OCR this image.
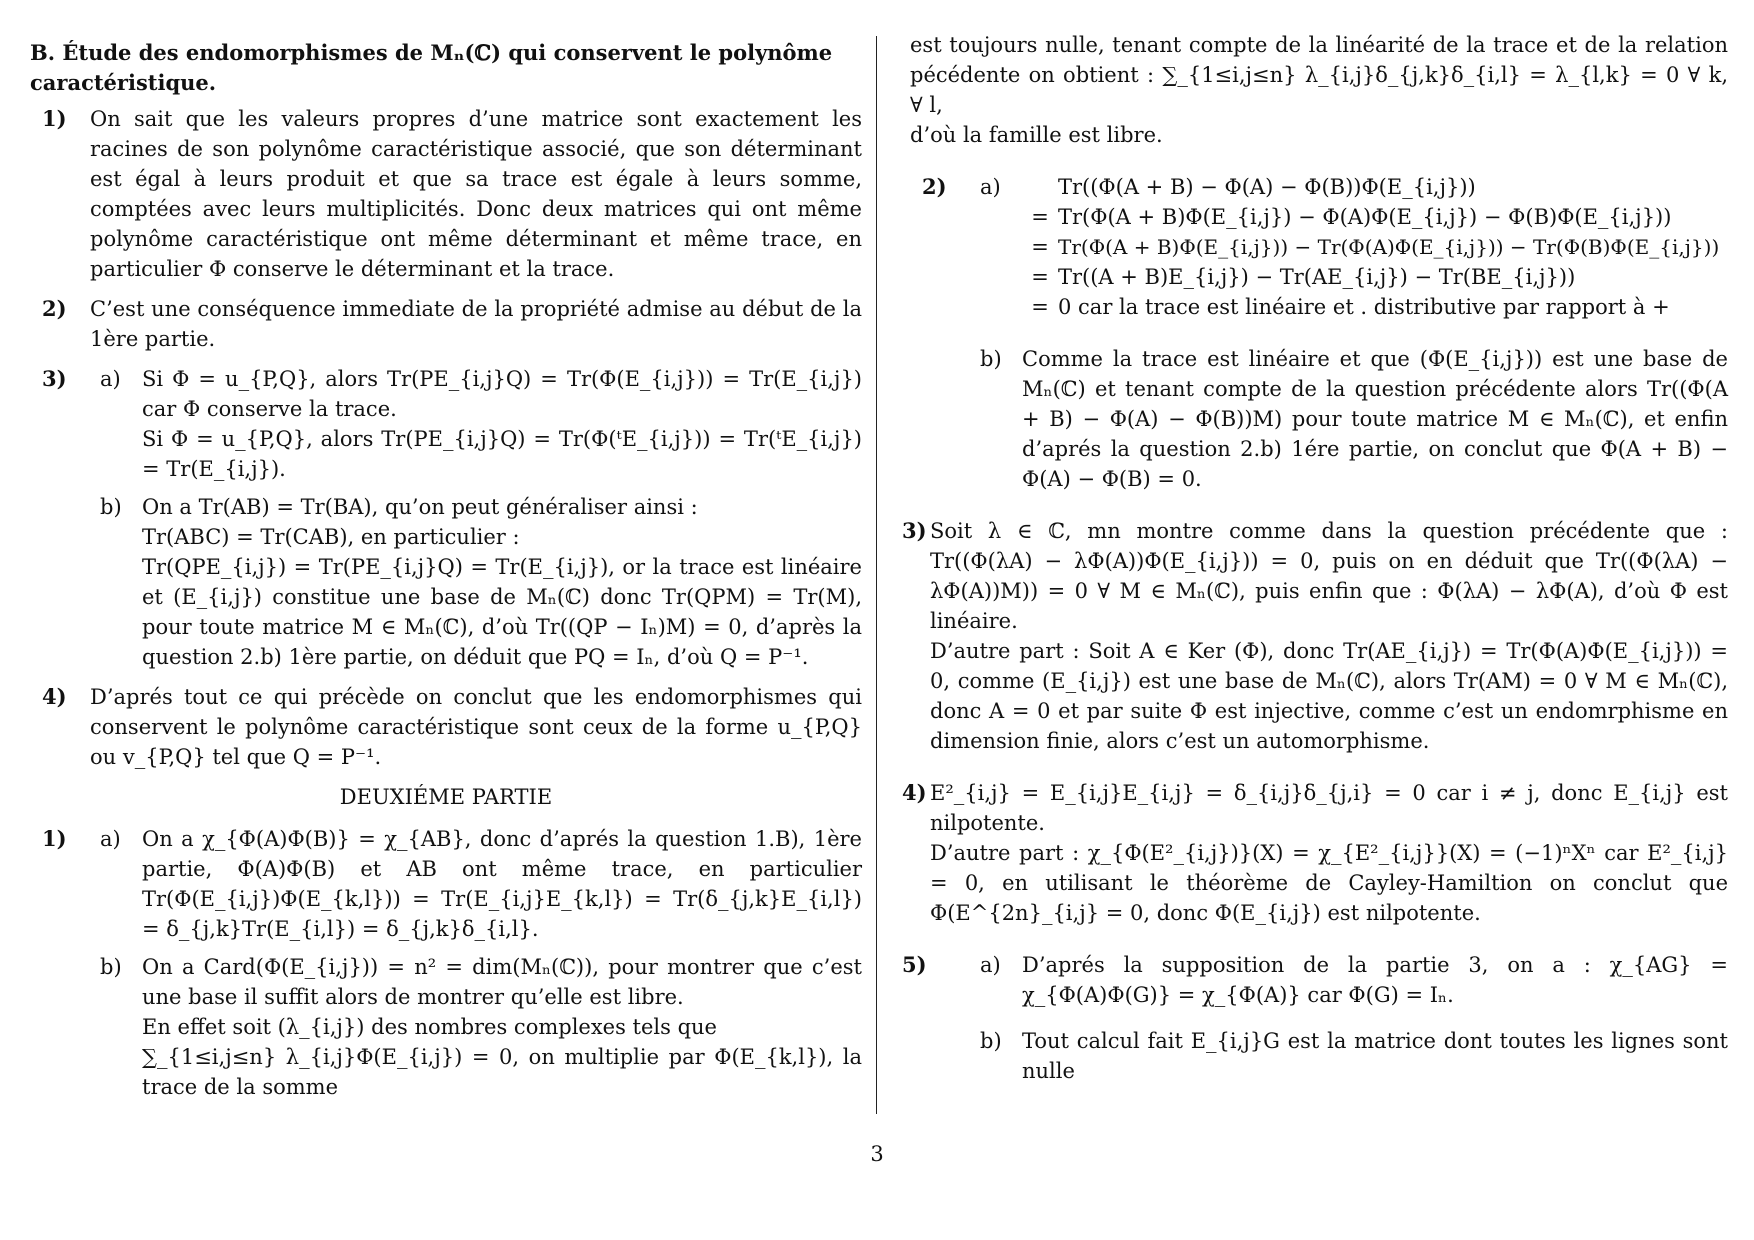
B. Étude des endomorphismes de Mₙ(ℂ) qui conservent le polynôme caractéristique.
1) On sait que les valeurs propres d’une matrice sont exactement les racines de son polynôme caractéristique associé, que son déterminant est égal à leurs produit et que sa trace est égale à leurs somme, comptées avec leurs multiplicités. Donc deux matrices qui ont même polynôme caractéristique ont même déterminant et même trace, en particulier Φ conserve le déterminant et la trace.
2) C’est une conséquence immediate de la propriété admise au début de la 1ère partie.
3) a) Si Φ = u_{P,Q}, alors Tr(PE_{i,j}Q) = Tr(Φ(E_{i,j})) = Tr(E_{i,j}) car Φ conserve la trace.
Si Φ = u_{P,Q}, alors Tr(PE_{i,j}Q) = Tr(Φ(ᵗE_{i,j})) = Tr(ᵗE_{i,j}) = Tr(E_{i,j}).
b) On a Tr(AB) = Tr(BA), qu’on peut généraliser ainsi :
Tr(ABC) = Tr(CAB), en particulier :
Tr(QPE_{i,j}) = Tr(PE_{i,j}Q) = Tr(E_{i,j}), or la trace est linéaire et (E_{i,j}) constitue une base de Mₙ(ℂ) donc Tr(QPM) = Tr(M), pour toute matrice M ∈ Mₙ(ℂ), d’où Tr((QP − Iₙ)M) = 0, d’après la question 2.b) 1ère partie, on déduit que PQ = Iₙ, d’où Q = P⁻¹.
4) D’aprés tout ce qui précède on conclut que les endomorphismes qui conservent le polynôme caractéristique sont ceux de la forme u_{P,Q} ou v_{P,Q} tel que Q = P⁻¹.
DEUXIÉME PARTIE
1) a) On a χ_{Φ(A)Φ(B)} = χ_{AB}, donc d’aprés la question 1.B), 1ère partie, Φ(A)Φ(B) et AB ont même trace, en particulier Tr(Φ(E_{i,j})Φ(E_{k,l})) = Tr(E_{i,j}E_{k,l}) = Tr(δ_{j,k}E_{i,l}) = δ_{j,k}Tr(E_{i,l}) = δ_{j,k}δ_{i,l}.
b) On a Card(Φ(E_{i,j})) = n² = dim(Mₙ(ℂ)), pour montrer que c’est une base il suffit alors de montrer qu’elle est libre.
En effet soit (λ_{i,j}) des nombres complexes tels que
∑_{1≤i,j≤n} λ_{i,j}Φ(E_{i,j}) = 0, on multiplie par Φ(E_{k,l}), la trace de la somme
est toujours nulle, tenant compte de la linéarité de la trace et de la relation pécédente on obtient : ∑_{1≤i,j≤n} λ_{i,j}δ_{j,k}δ_{i,l} = λ_{l,k} = 0 ∀ k, ∀ l,
d’où la famille est libre.
2) a)	Tr((Φ(A + B) − Φ(A) − Φ(B))Φ(E_{i,j}))
= Tr(Φ(A + B)Φ(E_{i,j}) − Φ(A)Φ(E_{i,j}) − Φ(B)Φ(E_{i,j}))
= Tr(Φ(A + B)Φ(E_{i,j})) − Tr(Φ(A)Φ(E_{i,j})) − Tr(Φ(B)Φ(E_{i,j}))
= Tr((A + B)E_{i,j}) − Tr(AE_{i,j}) − Tr(BE_{i,j}))
= 0 car la trace est linéaire et . distributive par rapport à +
b) Comme la trace est linéaire et que (Φ(E_{i,j})) est une base de Mₙ(ℂ) et tenant compte de la question précédente alors Tr((Φ(A + B) − Φ(A) − Φ(B))M) pour toute matrice M ∈ Mₙ(ℂ), et enfin d’aprés la question 2.b) 1ére partie, on conclut que Φ(A + B) − Φ(A) − Φ(B) = 0.
3) Soit λ ∈ ℂ, mn montre comme dans la question précédente que : Tr((Φ(λA) − λΦ(A))Φ(E_{i,j})) = 0, puis on en déduit que Tr((Φ(λA) − λΦ(A))M)) = 0 ∀ M ∈ Mₙ(ℂ), puis enfin que : Φ(λA) − λΦ(A), d’où Φ est linéaire.
D’autre part : Soit A ∈ Ker (Φ), donc Tr(AE_{i,j}) = Tr(Φ(A)Φ(E_{i,j})) = 0, comme (E_{i,j}) est une base de Mₙ(ℂ), alors Tr(AM) = 0 ∀ M ∈ Mₙ(ℂ), donc A = 0 et par suite Φ est injective, comme c’est un endomrphisme en dimension finie, alors c’est un automorphisme.
4) E²_{i,j} = E_{i,j}E_{i,j} = δ_{i,j}δ_{j,i} = 0 car i ≠ j, donc E_{i,j} est nilpotente.
D’autre part : χ_{Φ(E²_{i,j})}(X) = χ_{E²_{i,j}}(X) = (−1)ⁿXⁿ car E²_{i,j} = 0, en utilisant le théorème de Cayley-Hamiltion on conclut que Φ(E^{2n}_{i,j} = 0, donc Φ(E_{i,j}) est nilpotente.
5)	a) D’aprés la supposition de la partie 3, on a : χ_{AG} = χ_{Φ(A)Φ(G)} = χ_{Φ(A)} car Φ(G) = Iₙ.
b) Tout calcul fait E_{i,j}G est la matrice dont toutes les lignes sont nulle
3
